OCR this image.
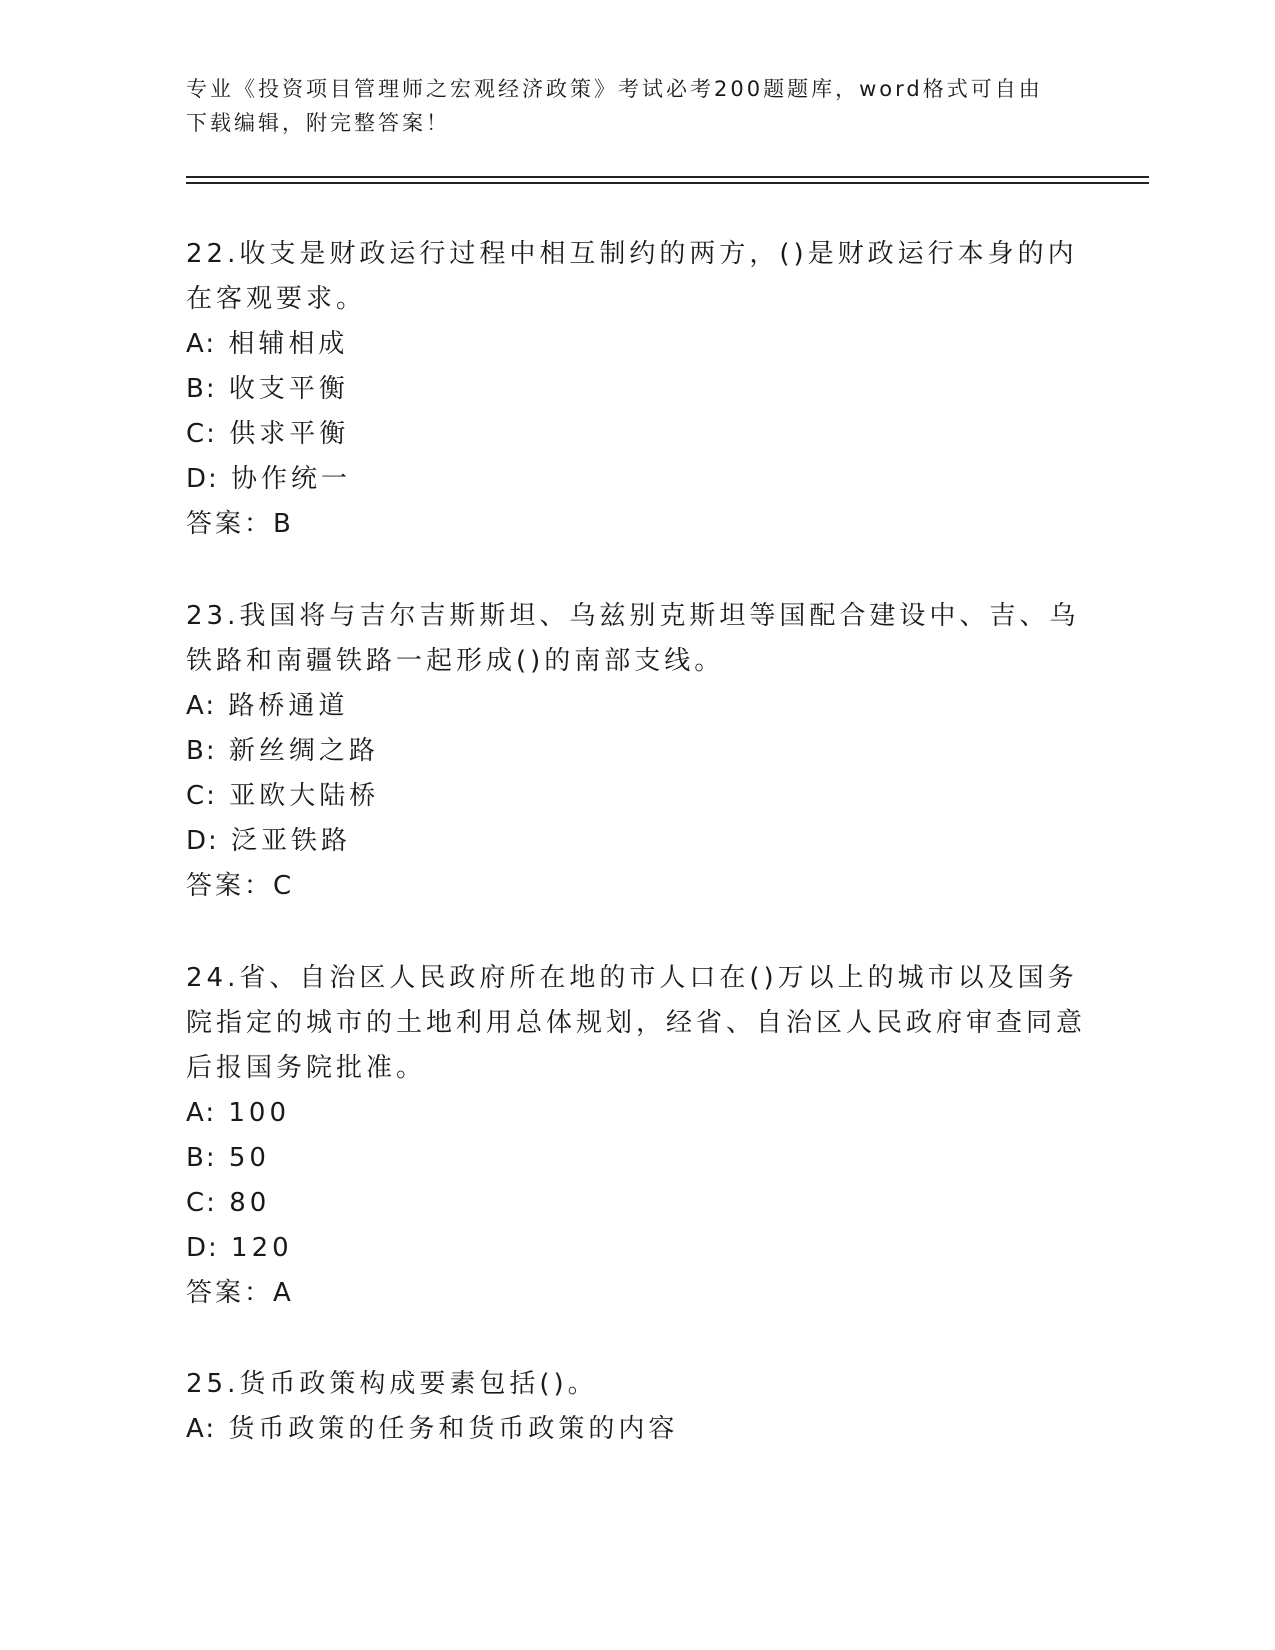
专业《投资项目管理师之宏观经济政策》考试必考200题题库，word格式可自由下载编辑，附完整答案！

22.收支是财政运行过程中相互制约的两方，()是财政运行本身的内在客观要求。

A: 相辅相成

B: 收支平衡

C: 供求平衡

D: 协作统一

答案：B

23.我国将与吉尔吉斯斯坦、乌兹别克斯坦等国配合建设中、吉、乌铁路和南疆铁路一起形成()的南部支线。

A: 路桥通道

B: 新丝绸之路

C: 亚欧大陆桥

D: 泛亚铁路

答案：C

24.省、自治区人民政府所在地的市人口在()万以上的城市以及国务院指定的城市的土地利用总体规划，经省、自治区人民政府审查同意后报国务院批准。

A: 100

B: 50

C: 80

D: 120

答案：A

25.货币政策构成要素包括()。

A: 货币政策的任务和货币政策的内容
